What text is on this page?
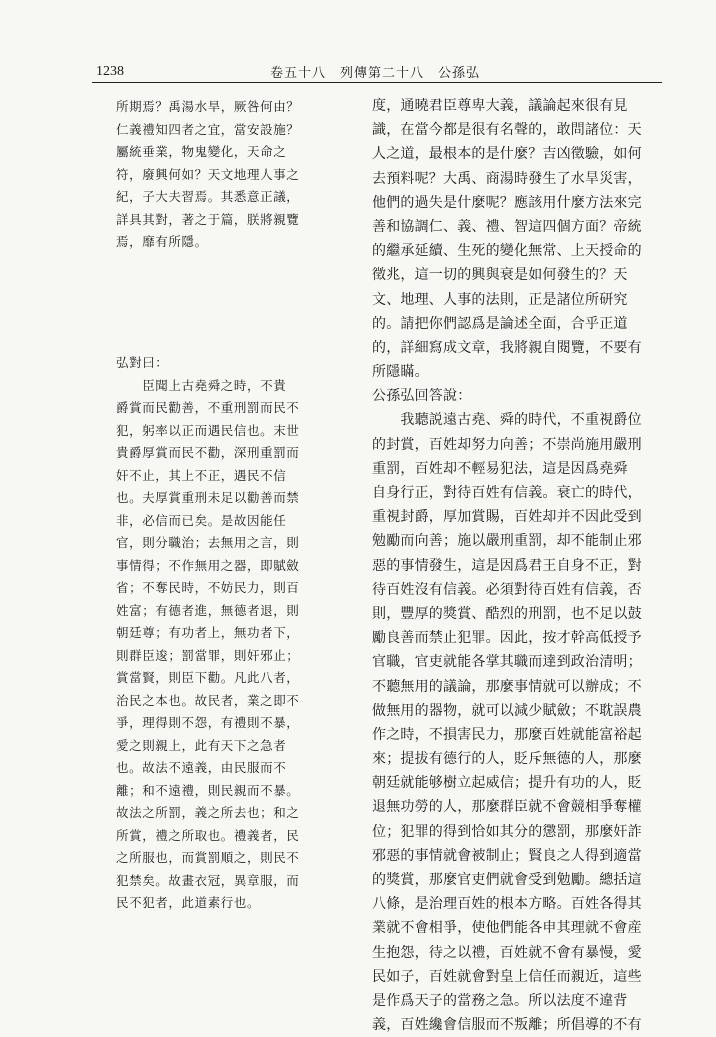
1238	卷五十八　列傳第二十八　公孫弘
所期焉？禹湯水旱，厥咎何由？
仁義禮知四者之宜，當安設施？
屬統垂業，物鬼變化，天命之
符，廢興何如？天文地理人事之
紀，子大夫習焉。其悉意正議，
詳具其對，著之于篇，朕將親覽
焉，靡有所隱。
弘對曰：
　　臣聞上古堯舜之時，不貴
爵賞而民勸善，不重刑罰而民不
犯，躬率以正而遇民信也。末世
貴爵厚賞而民不勸，深刑重罰而
奸不止，其上不正，遇民不信
也。夫厚賞重刑未足以勸善而禁
非，必信而已矣。是故因能任
官，則分職治；去無用之言，則
事情得；不作無用之器，即賦斂
省；不奪民時，不妨民力，則百
姓富；有德者進，無德者退，則
朝廷尊；有功者上，無功者下，
則群臣逡；罰當罪，則奸邪止；
賞當賢，則臣下勸。凡此八者，
治民之本也。故民者，業之即不
爭，理得則不怨，有禮則不暴，
愛之則親上，此有天下之急者
也。故法不遠義，由民服而不
離；和不遠禮，則民親而不暴。
故法之所罰，義之所去也；和之
所賞，禮之所取也。禮義者，民
之所服也，而賞罰順之，則民不
犯禁矣。故畫衣冠，異章服，而
民不犯者，此道素行也。
度，通曉君臣尊卑大義，議論起來很有見
識，在當今都是很有名聲的，敢問諸位：天
人之道，最根本的是什麼？吉凶徵驗，如何
去預料呢？大禹、商湯時發生了水旱災害，
他們的過失是什麼呢？應該用什麼方法來完
善和協調仁、義、禮、智這四個方面？帝統
的繼承延續、生死的變化無常、上天授命的
徵兆，這一切的興與衰是如何發生的？天
文、地理、人事的法則，正是諸位所研究
的。請把你們認爲是論述全面，合乎正道
的，詳細寫成文章，我將親自閱覽，不要有
所隱瞞。
公孫弘回答說：
　　我聽説遠古堯、舜的時代，不重視爵位
的封賞，百姓却努力向善；不崇尚施用嚴刑
重罰，百姓却不輕易犯法，這是因爲堯舜
自身行正，對待百姓有信義。衰亡的時代，
重視封爵，厚加賞賜，百姓却并不因此受到
勉勵而向善；施以嚴刑重罰，却不能制止邪
惡的事情發生，這是因爲君王自身不正，對
待百姓沒有信義。必須對待百姓有信義，否
則，豐厚的獎賞、酷烈的刑罰，也不足以鼓
勵良善而禁止犯罪。因此，按才幹高低授予
官職，官吏就能各掌其職而達到政治清明；
不聽無用的議論，那麼事情就可以辦成；不
做無用的器物，就可以減少賦斂；不耽誤農
作之時，不損害民力，那麼百姓就能富裕起
來；提拔有德行的人，貶斥無德的人，那麼
朝廷就能够樹立起威信；提升有功的人，貶
退無功勞的人，那麼群臣就不會競相爭奪權
位；犯罪的得到恰如其分的懲罰，那麼奸詐
邪惡的事情就會被制止；賢良之人得到適當
的獎賞，那麼官吏們就會受到勉勵。總括這
八條，是治理百姓的根本方略。百姓各得其
業就不會相爭，使他們能各申其理就不會産
生抱怨，待之以禮，百姓就不會有暴慢，愛
民如子，百姓就會對皇上信任而親近，這些
是作爲天子的當務之急。所以法度不違背
義，百姓纔會信服而不叛離；所倡導的不有
